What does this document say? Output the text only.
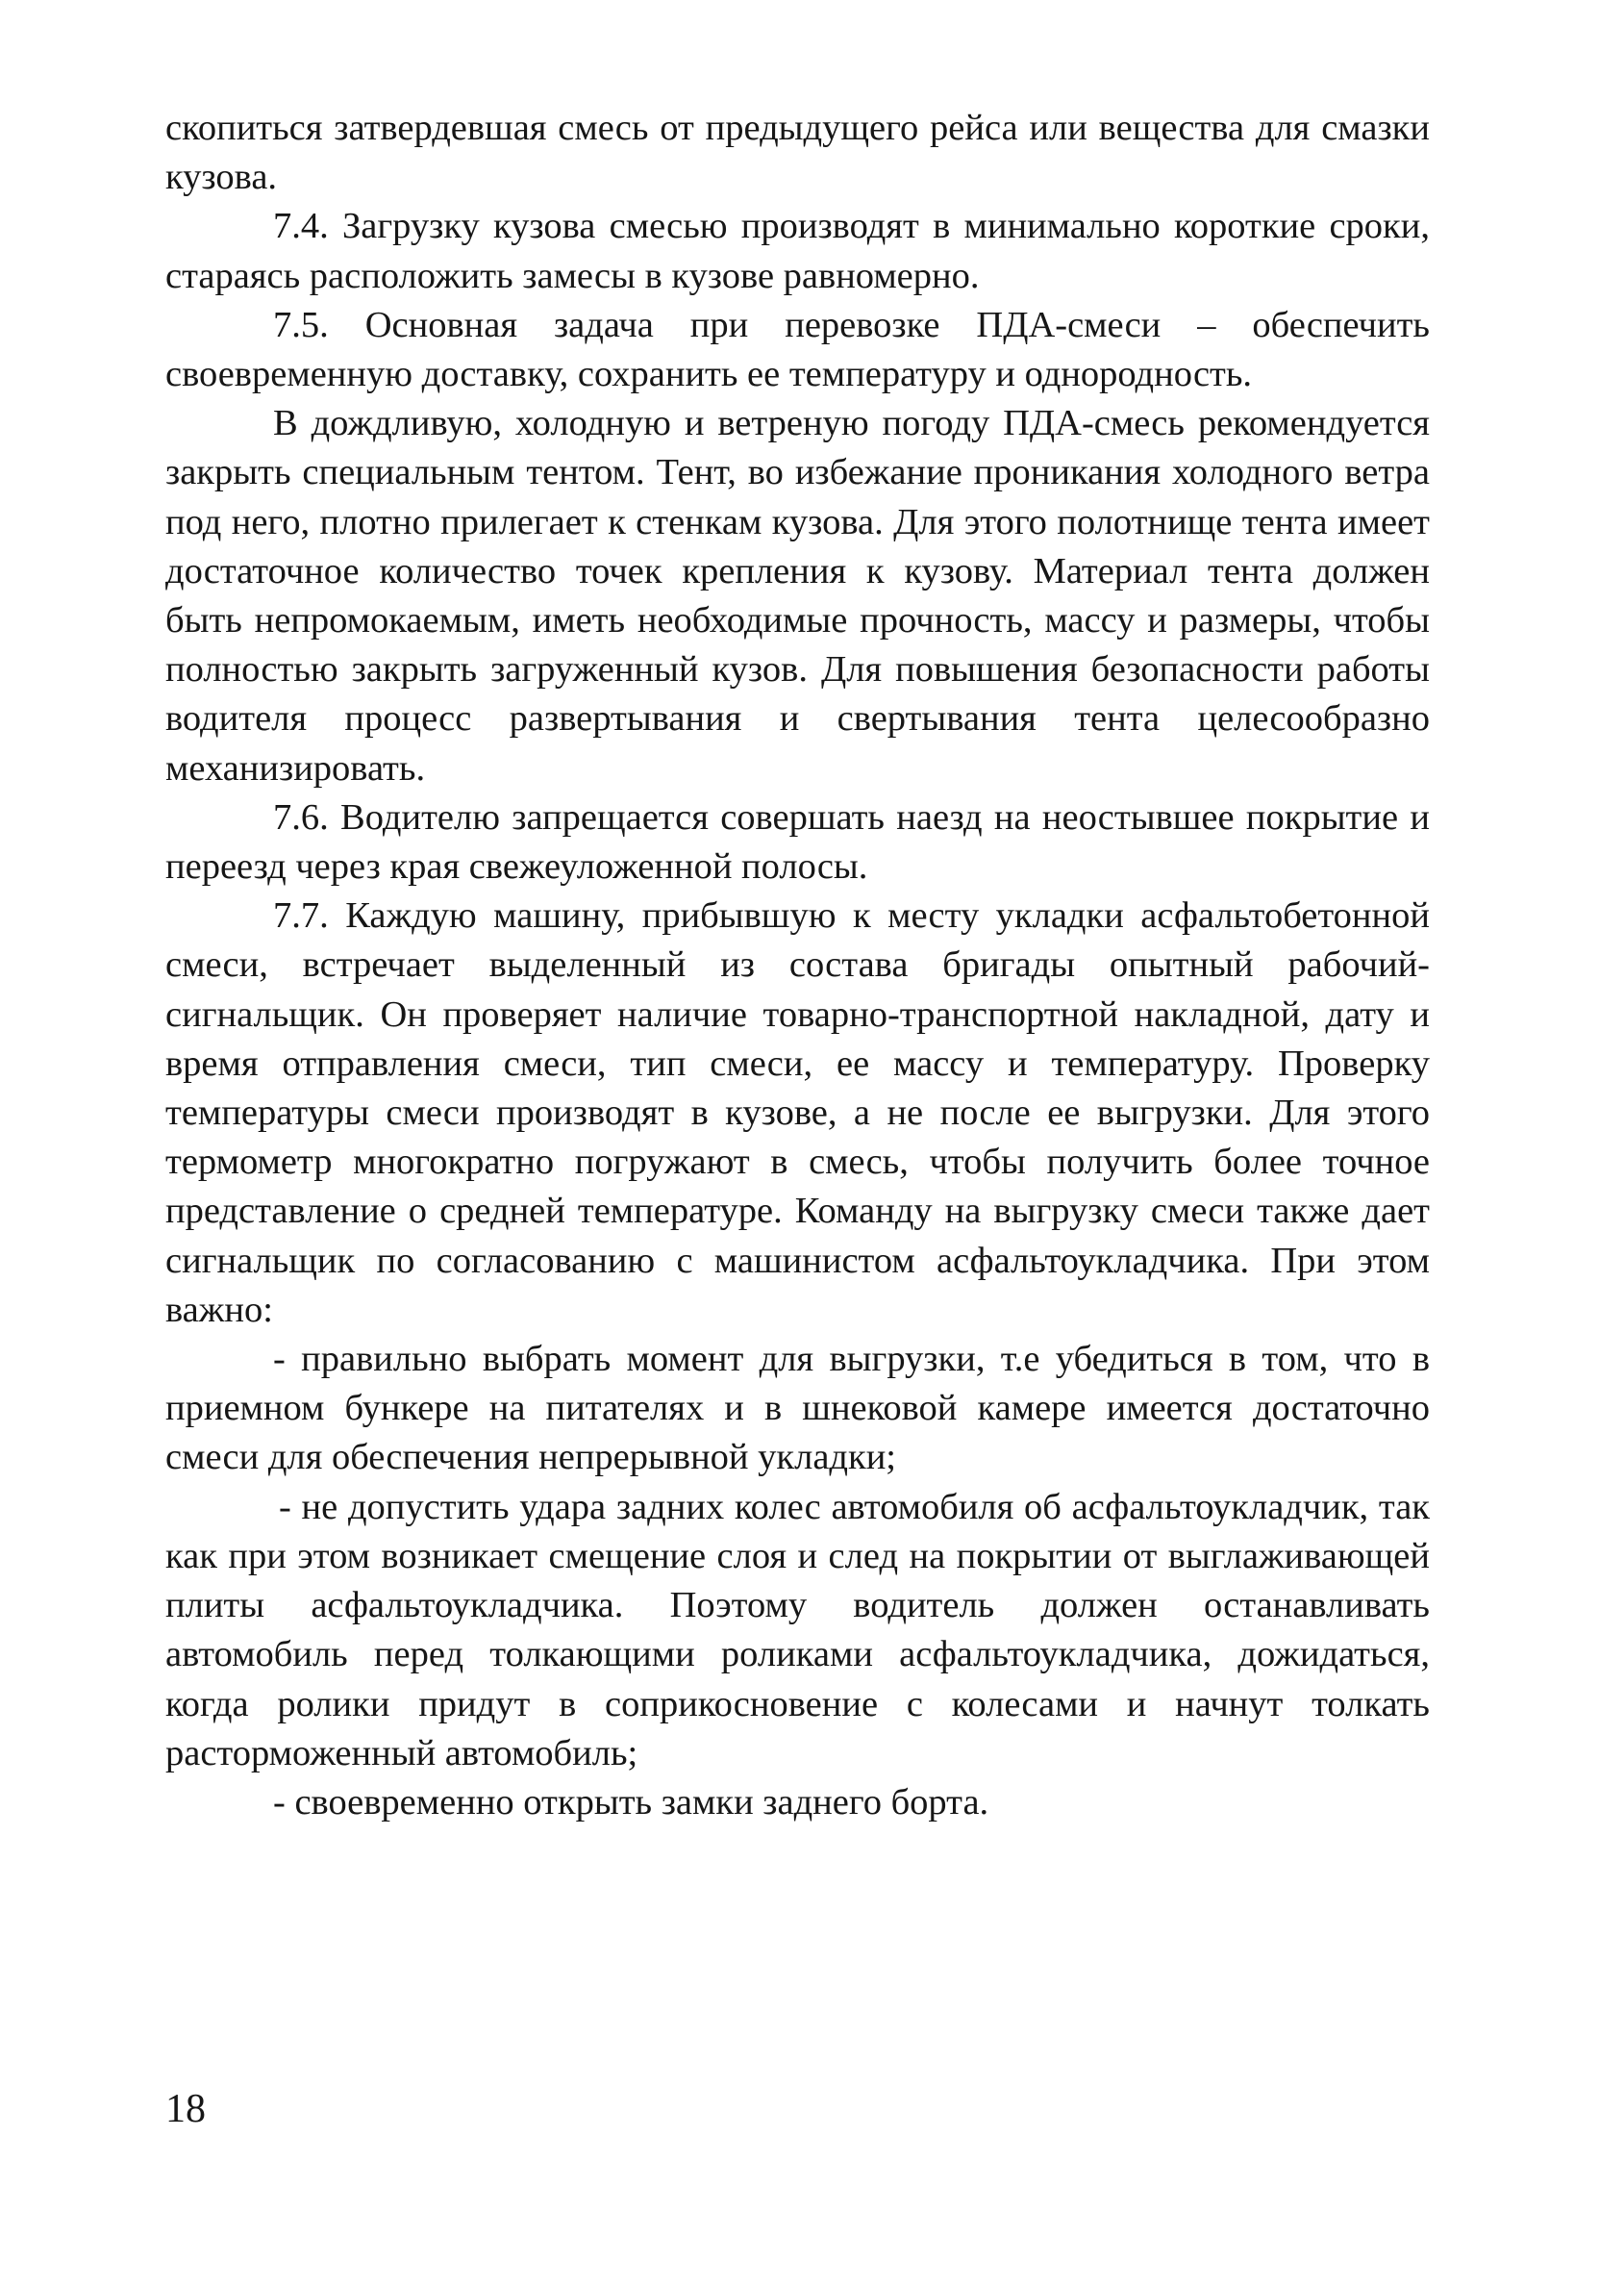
скопиться затвердевшая смесь от предыдущего рейса или вещества для смазки кузова.

7.4. Загрузку кузова смесью производят в минимально короткие сроки, стараясь расположить замесы в кузове равномерно.

7.5. Основная задача при перевозке ПДА-смеси – обеспечить своевременную доставку, сохранить ее температуру и однородность.

В дождливую, холодную и ветреную погоду ПДА-смесь рекомендуется закрыть специальным тентом. Тент, во избежание проникания холодного ветра под него, плотно прилегает к стенкам кузова. Для этого полотнище тента имеет достаточное количество точек крепления к кузову. Материал тента должен быть непромокаемым, иметь необходимые прочность, массу и размеры, чтобы полностью закрыть загруженный кузов. Для повышения безопасности работы водителя процесс развертывания и свертывания тента целесообразно механизировать.

7.6. Водителю запрещается совершать наезд на неостывшее покрытие и переезд через края свежеуложенной полосы.

7.7. Каждую машину, прибывшую к месту укладки асфальтобетонной смеси, встречает выделенный из состава бригады опытный рабочий-сигнальщик. Он проверяет наличие товарно-транспортной накладной, дату и время отправления смеси, тип смеси, ее массу и температуру. Проверку температуры смеси производят в кузове, а не после ее выгрузки. Для этого термометр многократно погружают в смесь, чтобы получить более точное представление о средней температуре. Команду на выгрузку смеси также дает сигнальщик по согласованию с машинистом асфальтоукладчика. При этом важно:

- правильно выбрать момент для выгрузки, т.е убедиться в том, что в приемном бункере на питателях и в шнековой камере имеется достаточно смеси для обеспечения непрерывной укладки;

- не допустить удара задних колес автомобиля об асфальтоукладчик, так как при этом возникает смещение слоя и след на покрытии от выглаживающей плиты асфальтоукладчика. Поэтому водитель должен останавливать автомобиль перед толкающими роликами асфальтоукладчика, дожидаться, когда ролики придут в соприкосновение с колесами и начнут толкать расторможенный автомобиль;

- своевременно открыть замки заднего борта.

18
